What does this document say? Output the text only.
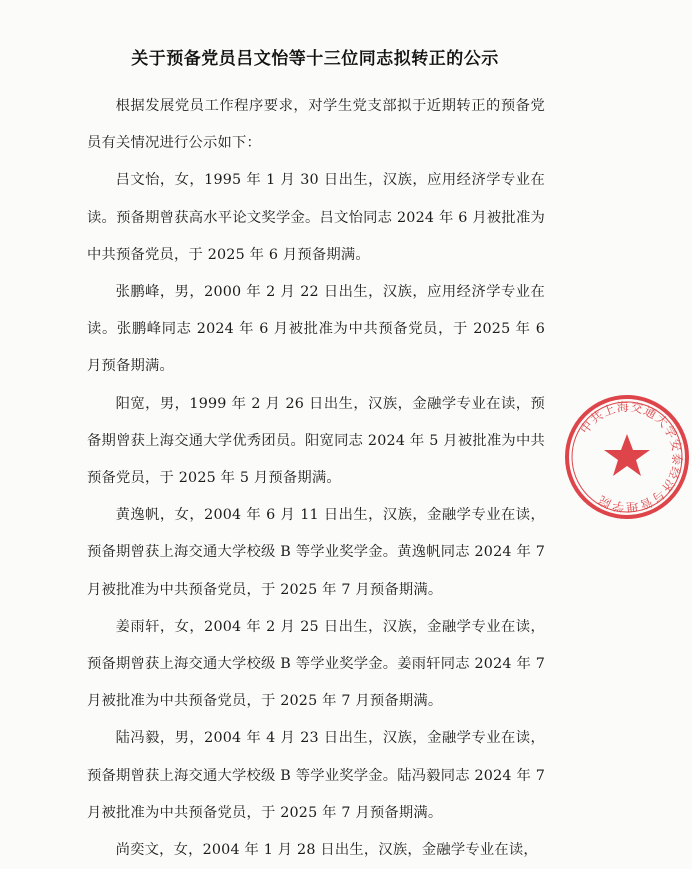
关于预备党员吕文怡等十三位同志拟转正的公示

根据发展党员工作程序要求，对学生党支部拟于近期转正的预备党员有关情况进行公示如下：

吕文怡，女，1995 年 1 月 30 日出生，汉族，应用经济学专业在读。预备期曾获高水平论文奖学金。吕文怡同志 2024 年 6 月被批准为中共预备党员，于 2025 年 6 月预备期满。

张鹏峰，男，2000 年 2 月 22 日出生，汉族，应用经济学专业在读。张鹏峰同志 2024 年 6 月被批准为中共预备党员，于 2025 年 6 月预备期满。

阳宽，男，1999 年 2 月 26 日出生，汉族，金融学专业在读，预备期曾获上海交通大学优秀团员。阳宽同志 2024 年 5 月被批准为中共预备党员，于 2025 年 5 月预备期满。

黄逸帆，女，2004 年 6 月 11 日出生，汉族，金融学专业在读，预备期曾获上海交通大学校级 B 等学业奖学金。黄逸帆同志 2024 年 7 月被批准为中共预备党员，于 2025 年 7 月预备期满。

姜雨轩，女，2004 年 2 月 25 日出生，汉族，金融学专业在读，预备期曾获上海交通大学校级 B 等学业奖学金。姜雨轩同志 2024 年 7 月被批准为中共预备党员，于 2025 年 7 月预备期满。

陆冯毅，男，2004 年 4 月 23 日出生，汉族，金融学专业在读，预备期曾获上海交通大学校级 B 等学业奖学金。陆冯毅同志 2024 年 7 月被批准为中共预备党员，于 2025 年 7 月预备期满。

尚奕文，女，2004 年 1 月 28 日出生，汉族，金融学专业在读，

中共上海交通大学安泰经济与管理学院
